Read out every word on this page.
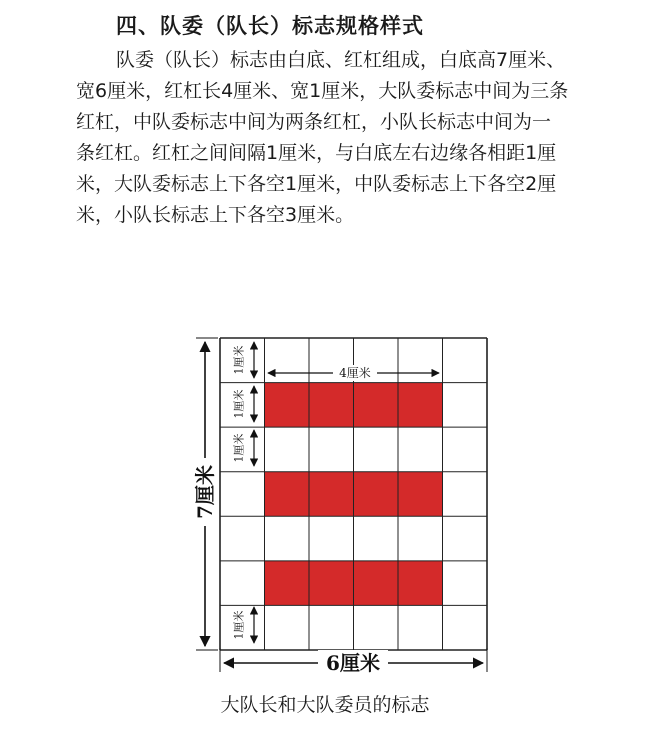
四、队委（队长）标志规格样式

队委（队长）标志由白底、红杠组成，白底高7厘米、
宽6厘米，红杠长4厘米、宽1厘米，大队委标志中间为三条
红杠，中队委标志中间为两条红杠，小队长标志中间为一
条红杠。红杠之间间隔1厘米，与白底左右边缘各相距1厘
米，大队委标志上下各空1厘米，中队委标志上下各空2厘
米，小队长标志上下各空3厘米。

7厘米
6厘米
4厘米
1厘米
1厘米
1厘米
1厘米
大队长和大队委员的标志
